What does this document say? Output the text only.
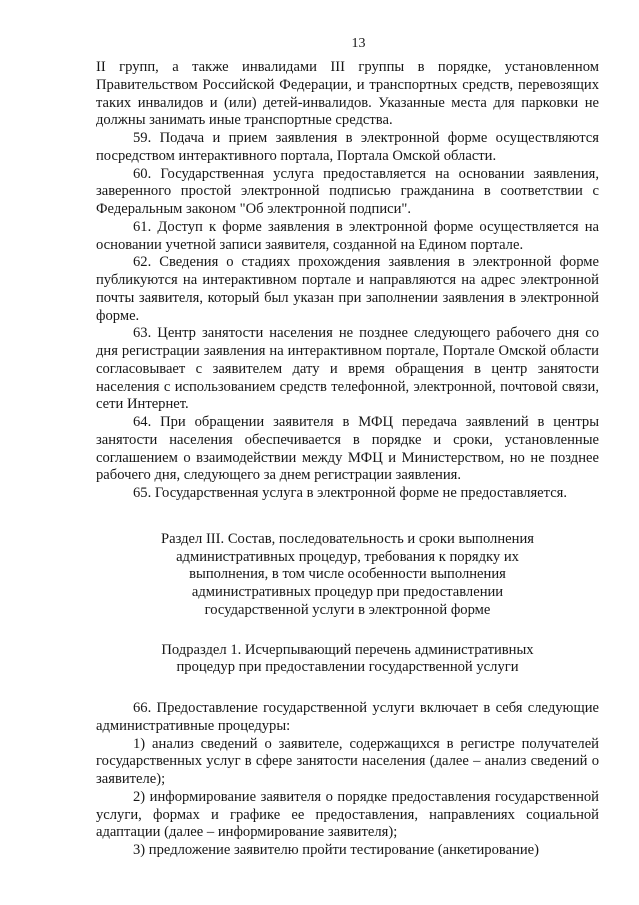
13

II групп, а также инвалидами III группы в порядке, установленном Правительством Российской Федерации, и транспортных средств, перевозящих таких инвалидов и (или) детей-инвалидов. Указанные места для парковки не должны занимать иные транспортные средства.

59. Подача и прием заявления в электронной форме осуществляются посредством интерактивного портала, Портала Омской области.

60. Государственная услуга предоставляется на основании заявления, заверенного простой электронной подписью гражданина в соответствии с Федеральным законом "Об электронной подписи".

61. Доступ к форме заявления в электронной форме осуществляется на основании учетной записи заявителя, созданной на Едином портале.

62. Сведения о стадиях прохождения заявления в электронной форме публикуются на интерактивном портале и направляются на адрес электронной почты заявителя, который был указан при заполнении заявления в электронной форме.

63. Центр занятости населения не позднее следующего рабочего дня со дня регистрации заявления на интерактивном портале, Портале Омской области согласовывает с заявителем дату и время обращения в центр занятости населения с использованием средств телефонной, электронной, почтовой связи, сети Интернет.

64. При обращении заявителя в МФЦ передача заявлений в центры занятости населения обеспечивается в порядке и сроки, установленные соглашением о взаимодействии между МФЦ и Министерством, но не позднее рабочего дня, следующего за днем регистрации заявления.

65. Государственная услуга в электронной форме не предоставляется.

Раздел III. Состав, последовательность и сроки выполнения административных процедур, требования к порядку их выполнения, в том числе особенности выполнения административных процедур при предоставлении государственной услуги в электронной форме

Подраздел 1. Исчерпывающий перечень административных процедур при предоставлении государственной услуги

66. Предоставление государственной услуги включает в себя следующие административные процедуры:

1) анализ сведений о заявителе, содержащихся в регистре получателей государственных услуг в сфере занятости населения (далее – анализ сведений о заявителе);

2) информирование заявителя о порядке предоставления государственной услуги, формах и графике ее предоставления, направлениях социальной адаптации (далее – информирование заявителя);

3) предложение заявителю пройти тестирование (анкетирование)
